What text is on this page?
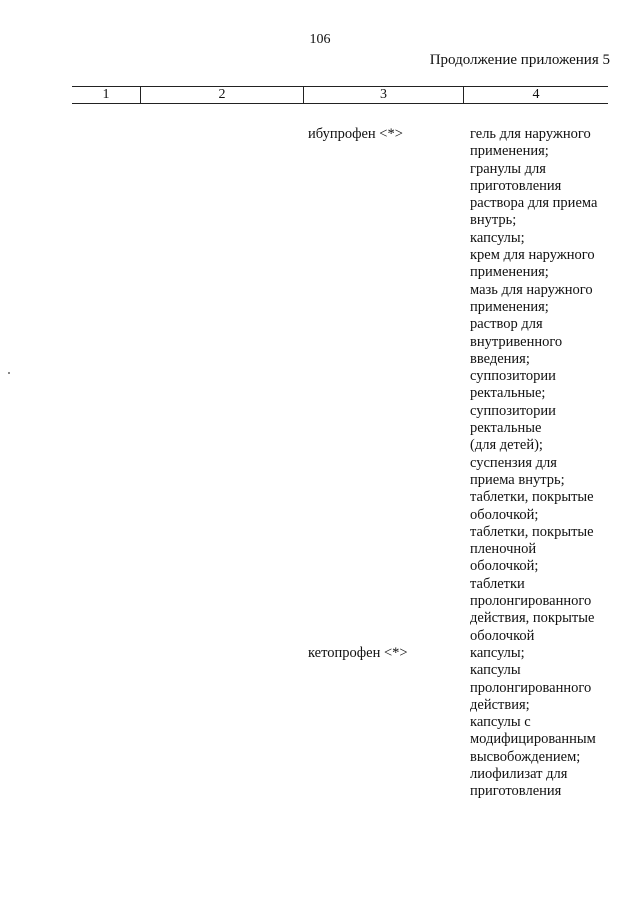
106
Продолжение приложения 5
1	2	3	4
ибупрофен <*>	гель для наружного
применения;
гранулы для
приготовления
раствора для приема
внутрь;
капсулы;
крем для наружного
применения;
мазь для наружного
применения;
раствор для
внутривенного
введения;
суппозитории
ректальные;
суппозитории
ректальные
(для детей);
суспензия для
приема внутрь;
таблетки, покрытые
оболочкой;
таблетки, покрытые
пленочной
оболочкой;
таблетки
пролонгированного
действия, покрытые
оболочкой
кетопрофен <*>	капсулы;
капсулы
пролонгированного
действия;
капсулы с
модифицированным
высвобождением;
лиофилизат для
приготовления
